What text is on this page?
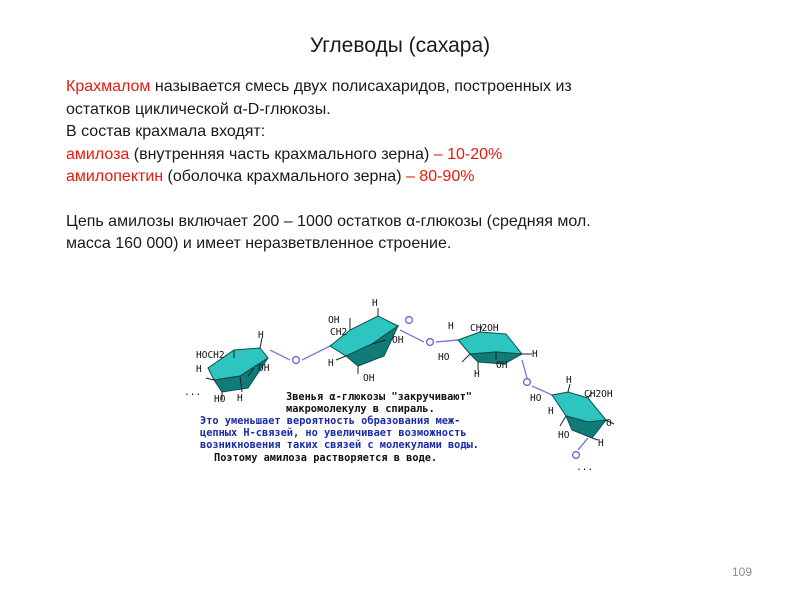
Углеводы (сахара)

Крахмалом называется смесь двух полисахаридов, построенных из

остатков циклической α-D-глюкозы.

В состав крахмала входят:

амилоза (внутренняя часть крахмального зерна) – 10-20%

амилопектин (оболочка крахмального зерна) – 80-90%

Цепь амилозы включает 200 – 1000 остатков α-глюкозы (средняя мол.

масса 160 000) и имеет неразветвленное строение.

HOCH2
H
OH
H
H
HO
...
OH
CH2
H
OH
H
OH
H CH2OH
HO
H
OH
H
H
CH2OH
HO
H
HO
O
H
...
Звенья α-глюкозы "закручивают"
макромолекулу в спираль.
Это уменьшает вероятность образования меж-
цепных Н-связей, но увеличивает возможность
возникновения таких связей с молекулами воды.
Поэтому амилоза растворяется в воде.
109
